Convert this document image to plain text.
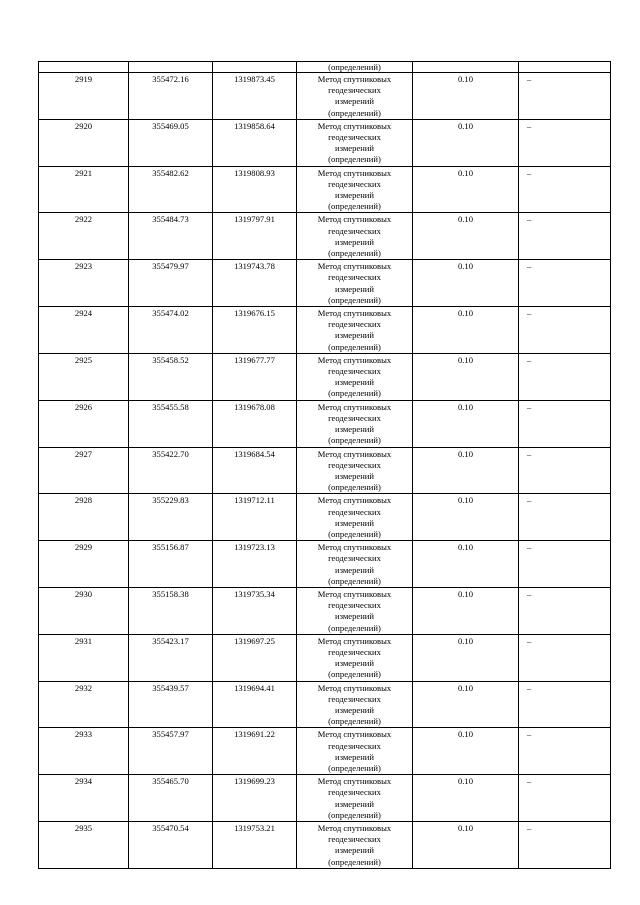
			(определений)		
2919	355472.16	1319873.45	Метод спутниковых
геодезических
измерений
(определений)	0.10	–
2920	355469.05	1319858.64	Метод спутниковых
геодезических
измерений
(определений)	0.10	–
2921	355482.62	1319808.93	Метод спутниковых
геодезических
измерений
(определений)	0.10	–
2922	355484.73	1319797.91	Метод спутниковых
геодезических
измерений
(определений)	0.10	–
2923	355479.97	1319743.78	Метод спутниковых
геодезических
измерений
(определений)	0.10	–
2924	355474.02	1319676.15	Метод спутниковых
геодезических
измерений
(определений)	0.10	–
2925	355458.52	1319677.77	Метод спутниковых
геодезических
измерений
(определений)	0.10	–
2926	355455.58	1319678.08	Метод спутниковых
геодезических
измерений
(определений)	0.10	–
2927	355422.70	1319684.54	Метод спутниковых
геодезических
измерений
(определений)	0.10	–
2928	355229.83	1319712.11	Метод спутниковых
геодезических
измерений
(определений)	0.10	–
2929	355156.87	1319723.13	Метод спутниковых
геодезических
измерений
(определений)	0.10	–
2930	355158.38	1319735.34	Метод спутниковых
геодезических
измерений
(определений)	0.10	–
2931	355423.17	1319697.25	Метод спутниковых
геодезических
измерений
(определений)	0.10	–
2932	355439.57	1319694.41	Метод спутниковых
геодезических
измерений
(определений)	0.10	–
2933	355457.97	1319691.22	Метод спутниковых
геодезических
измерений
(определений)	0.10	–
2934	355465.70	1319699.23	Метод спутниковых
геодезических
измерений
(определений)	0.10	–
2935	355470.54	1319753.21	Метод спутниковых
геодезических
измерений
(определений)	0.10	–
